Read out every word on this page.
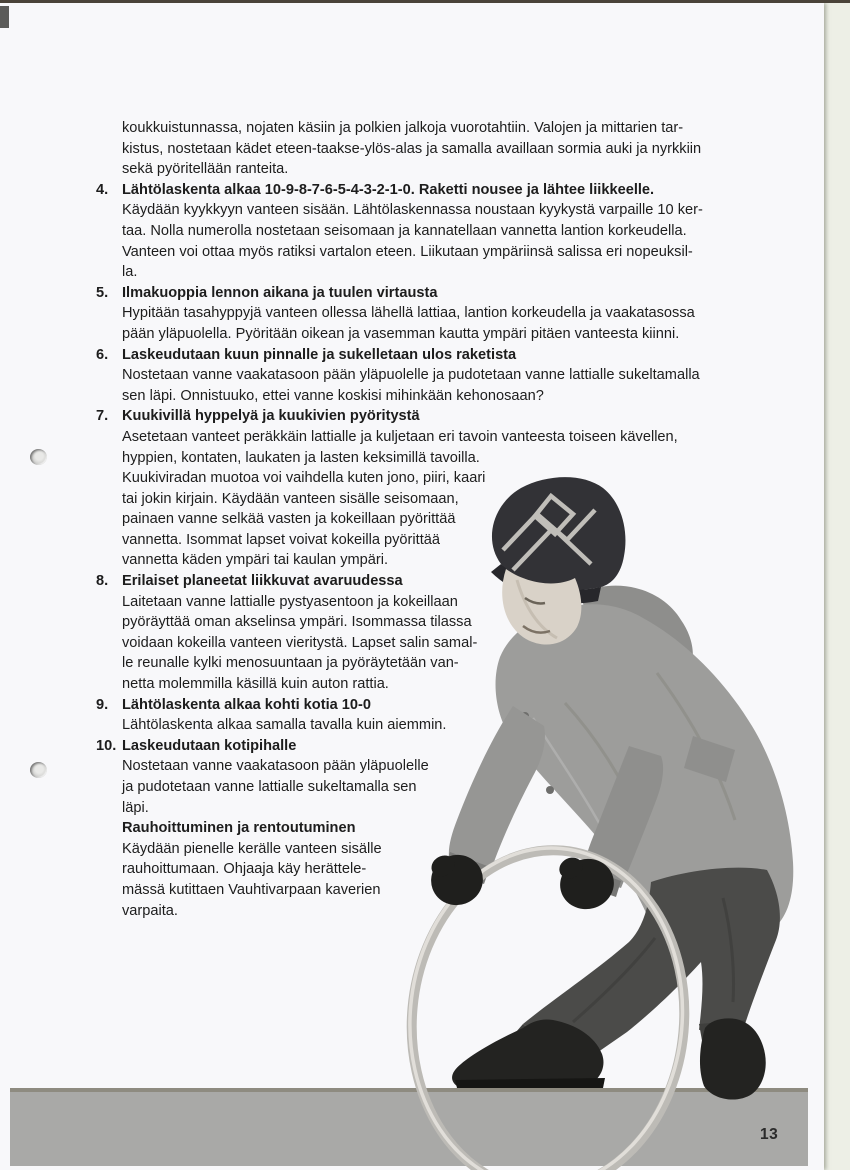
koukkuistunnassa, nojaten käsiin ja polkien jalkoja vuorotahtiin. Valojen ja mittarien tar-
kistus, nostetaan kädet eteen-taakse-ylös-alas ja samalla availlaan sormia auki ja nyrkkiin
sekä pyöritellään ranteita.
4. Lähtölaskenta alkaa 10-9-8-7-6-5-4-3-2-1-0. Raketti nousee ja lähtee liikkeelle.
Käydään kyykkyyn vanteen sisään. Lähtölaskennassa noustaan kyykystä varpaille 10 ker-
taa. Nolla numerolla nostetaan seisomaan ja kannatellaan vannetta lantion korkeudella.
Vanteen voi ottaa myös ratiksi vartalon eteen. Liikutaan ympäriinsä salissa eri nopeuksil-
la.
5. Ilmakuoppia lennon aikana ja tuulen virtausta
Hypitään tasahyppyjä vanteen ollessa lähellä lattiaa, lantion korkeudella ja vaakatasossa
pään yläpuolella. Pyöritään oikean ja vasemman kautta ympäri pitäen vanteesta kiinni.
6. Laskeudutaan kuun pinnalle ja sukelletaan ulos raketista
Nostetaan vanne vaakatasoon pään yläpuolelle ja pudotetaan vanne lattialle sukeltamalla
sen läpi. Onnistuuko, ettei vanne koskisi mihinkään kehonosaan?
7. Kuukivillä hyppelyä ja kuukivien pyöritystä
Asetetaan vanteet peräkkäin lattialle ja kuljetaan eri tavoin vanteesta toiseen kävellen,
hyppien, kontaten, laukaten ja lasten keksimillä tavoilla.
Kuukiviradan muotoa voi vaihdella kuten jono, piiri, kaari
tai jokin kirjain. Käydään vanteen sisälle seisomaan,
painaen vanne selkää vasten ja kokeillaan pyörittää
vannetta. Isommat lapset voivat kokeilla pyörittää
vannetta käden ympäri tai kaulan ympäri.
8. Erilaiset planeetat liikkuvat avaruudessa
Laitetaan vanne lattialle pystyasentoon ja kokeillaan
pyöräyttää oman akselinsa ympäri. Isommassa tilassa
voidaan kokeilla vanteen vieritystä. Lapset salin samal-
le reunalle kylki menosuuntaan ja pyöräytetään van-
netta molemmilla käsillä kuin auton rattia.
9. Lähtölaskenta alkaa kohti kotia 10-0
Lähtölaskenta alkaa samalla tavalla kuin aiemmin.
10. Laskeudutaan kotipihalle
Nostetaan vanne vaakatasoon pään yläpuolelle
ja pudotetaan vanne lattialle sukeltamalla sen
läpi.
Rauhoittuminen ja rentoutuminen
Käydään pienelle kerälle vanteen sisälle
rauhoittumaan. Ohjaaja käy herättele-
mässä kutittaen Vauhtivarpaan kaverien
varpaita.
13
